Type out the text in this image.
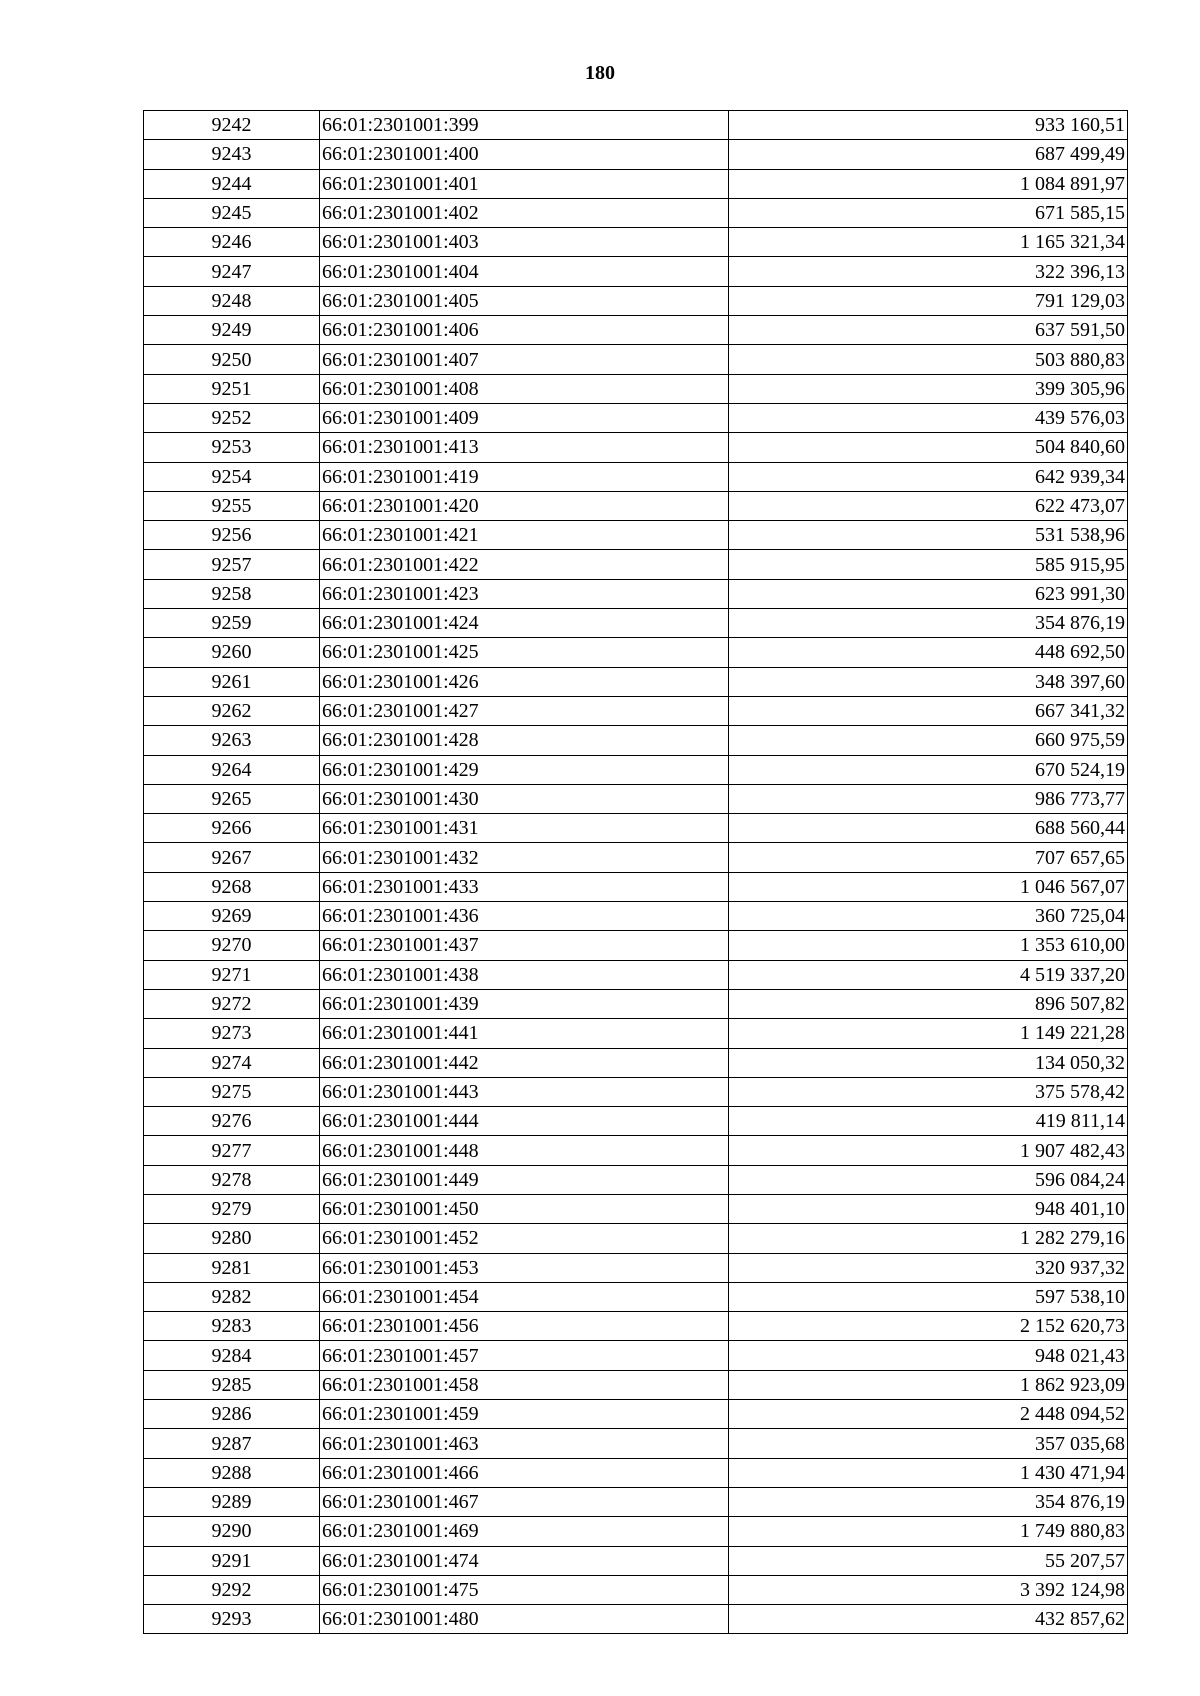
180
9242	66:01:2301001:399	933 160,51
9243	66:01:2301001:400	687 499,49
9244	66:01:2301001:401	1 084 891,97
9245	66:01:2301001:402	671 585,15
9246	66:01:2301001:403	1 165 321,34
9247	66:01:2301001:404	322 396,13
9248	66:01:2301001:405	791 129,03
9249	66:01:2301001:406	637 591,50
9250	66:01:2301001:407	503 880,83
9251	66:01:2301001:408	399 305,96
9252	66:01:2301001:409	439 576,03
9253	66:01:2301001:413	504 840,60
9254	66:01:2301001:419	642 939,34
9255	66:01:2301001:420	622 473,07
9256	66:01:2301001:421	531 538,96
9257	66:01:2301001:422	585 915,95
9258	66:01:2301001:423	623 991,30
9259	66:01:2301001:424	354 876,19
9260	66:01:2301001:425	448 692,50
9261	66:01:2301001:426	348 397,60
9262	66:01:2301001:427	667 341,32
9263	66:01:2301001:428	660 975,59
9264	66:01:2301001:429	670 524,19
9265	66:01:2301001:430	986 773,77
9266	66:01:2301001:431	688 560,44
9267	66:01:2301001:432	707 657,65
9268	66:01:2301001:433	1 046 567,07
9269	66:01:2301001:436	360 725,04
9270	66:01:2301001:437	1 353 610,00
9271	66:01:2301001:438	4 519 337,20
9272	66:01:2301001:439	896 507,82
9273	66:01:2301001:441	1 149 221,28
9274	66:01:2301001:442	134 050,32
9275	66:01:2301001:443	375 578,42
9276	66:01:2301001:444	419 811,14
9277	66:01:2301001:448	1 907 482,43
9278	66:01:2301001:449	596 084,24
9279	66:01:2301001:450	948 401,10
9280	66:01:2301001:452	1 282 279,16
9281	66:01:2301001:453	320 937,32
9282	66:01:2301001:454	597 538,10
9283	66:01:2301001:456	2 152 620,73
9284	66:01:2301001:457	948 021,43
9285	66:01:2301001:458	1 862 923,09
9286	66:01:2301001:459	2 448 094,52
9287	66:01:2301001:463	357 035,68
9288	66:01:2301001:466	1 430 471,94
9289	66:01:2301001:467	354 876,19
9290	66:01:2301001:469	1 749 880,83
9291	66:01:2301001:474	55 207,57
9292	66:01:2301001:475	3 392 124,98
9293	66:01:2301001:480	432 857,62
